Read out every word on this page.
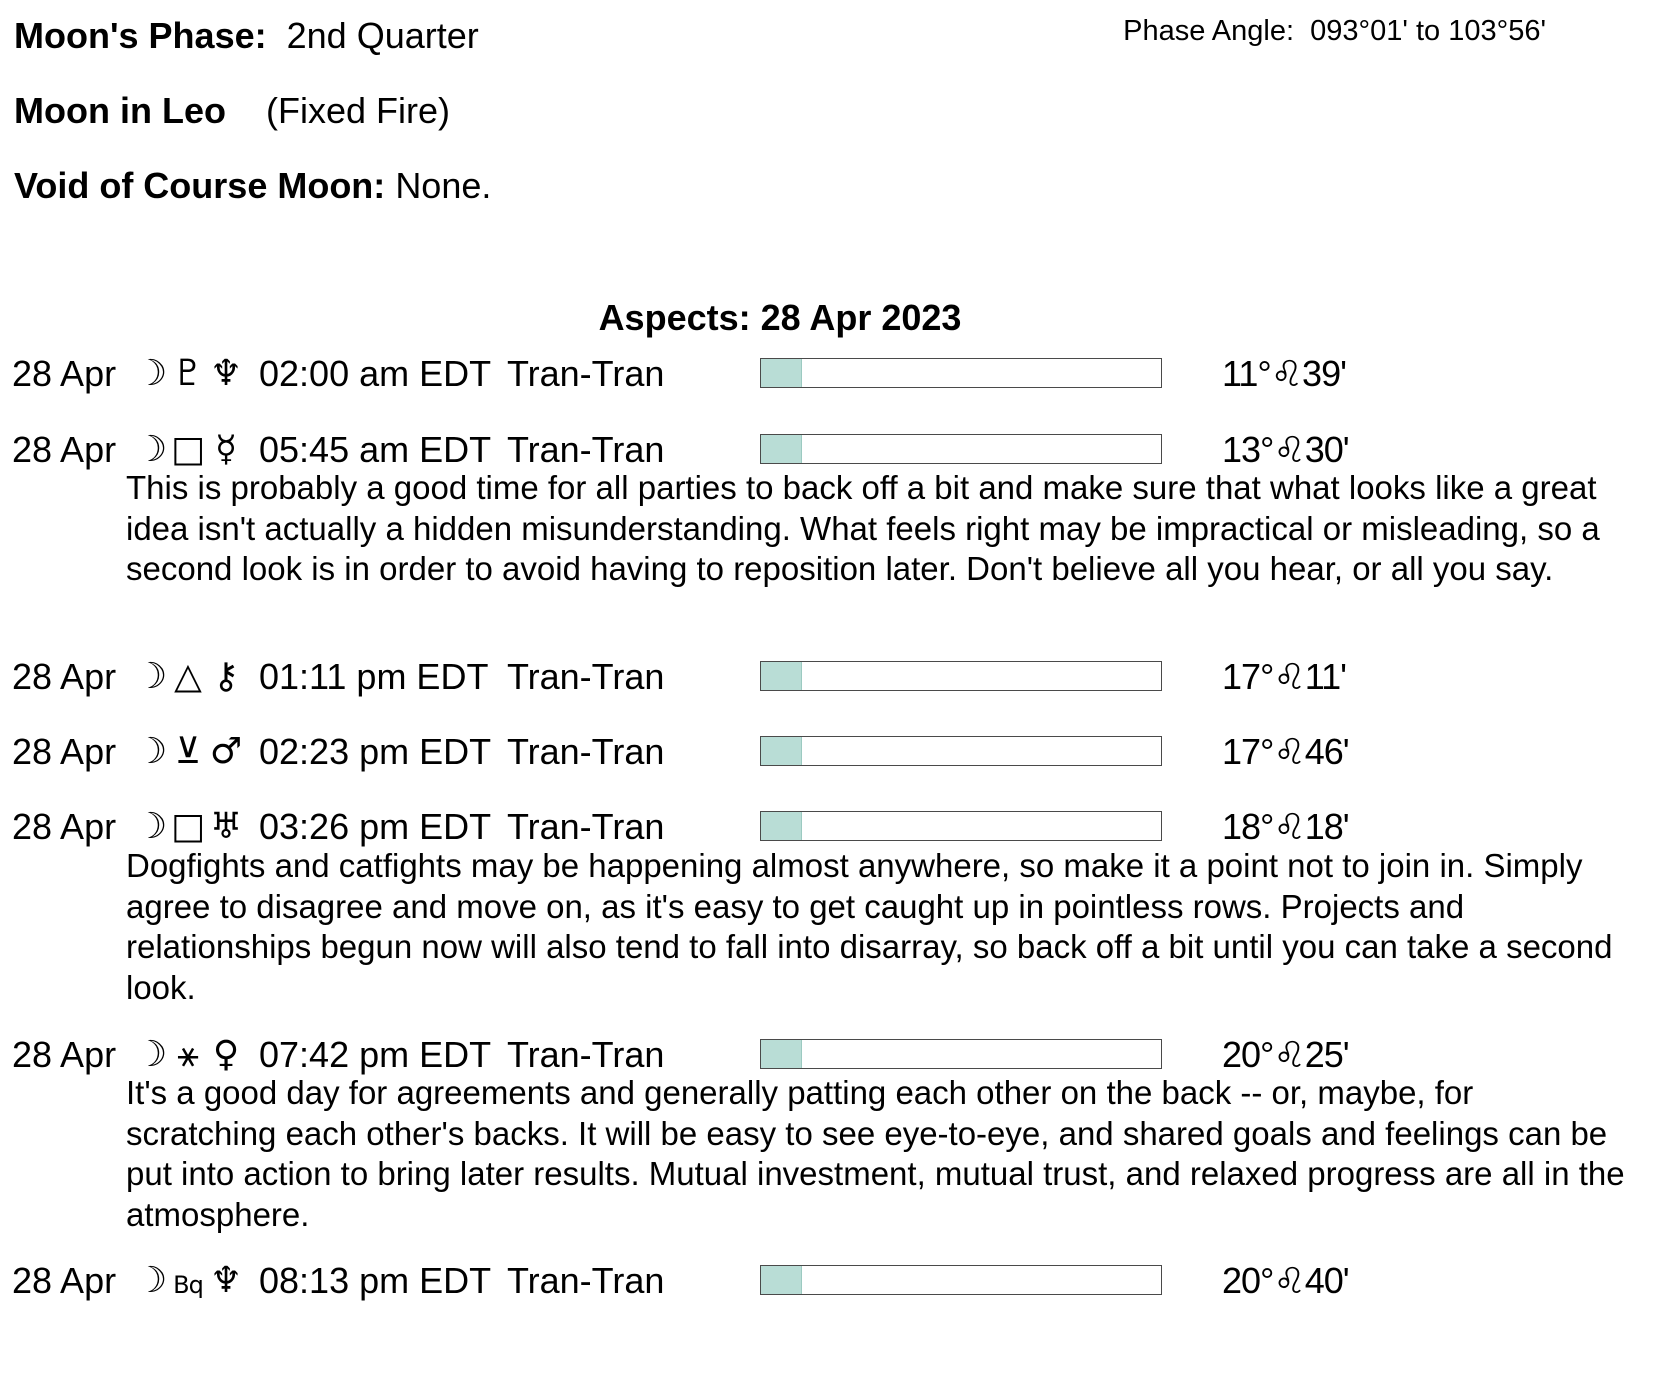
Moon's Phase: 2nd Quarter	Phase Angle:  093°01' to 103°56'
Moon in Leo (Fixed Fire)
Void of Course Moon: None.
Aspects: 28 Apr 2023
28 Apr ☽ ♇ ♆ 02:00 am EDT Tran-Tran	11°♌39'
28 Apr ☽ □ ☿ 05:45 am EDT Tran-Tran	13°♌30'
This is probably a good time for all parties to back off a bit and make sure that what looks like a great idea isn't actually a hidden misunderstanding. What feels right may be impractical or misleading, so a second look is in order to avoid having to reposition later. Don't believe all you hear, or all you say.
28 Apr ☽ △ ⚷ 01:11 pm EDT Tran-Tran	17°♌11'
28 Apr ☽ ⊻ ♂ 02:23 pm EDT Tran-Tran	17°♌46'
28 Apr ☽ □ ♅ 03:26 pm EDT Tran-Tran	18°♌18'
Dogfights and catfights may be happening almost anywhere, so make it a point not to join in. Simply agree to disagree and move on, as it's easy to get caught up in pointless rows. Projects and relationships begun now will also tend to fall into disarray, so back off a bit until you can take a second look.
28 Apr ☽ ⚹ ♀ 07:42 pm EDT Tran-Tran	20°♌25'
It's a good day for agreements and generally patting each other on the back -- or, maybe, for scratching each other's backs. It will be easy to see eye-to-eye, and shared goals and feelings can be put into action to bring later results. Mutual investment, mutual trust, and relaxed progress are all in the atmosphere.
28 Apr ☽ Bq ♆ 08:13 pm EDT Tran-Tran	20°♌40'
